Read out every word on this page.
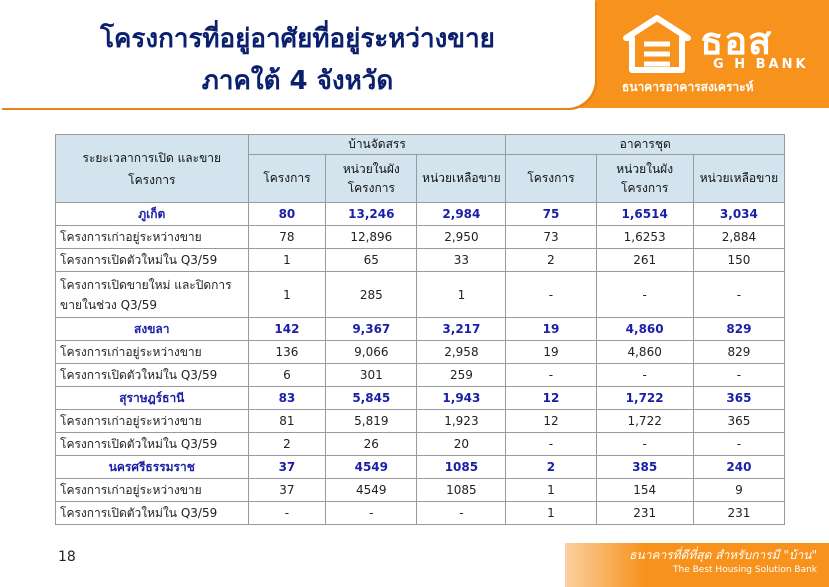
โครงการที่อยู่อาศัยที่อยู่ระหว่างขาย
ภาคใต้ 4 จังหวัด
ธอส
G H BANK
ธนาคารอาคารสงเคราะห์
ระยะเวลาการเปิด และขายโครงการ	บ้านจัดสรร			อาคารชุด		
	โครงการ	หน่วยในผัง โครงการ	หน่วยเหลือขาย	โครงการ	หน่วยในผัง โครงการ	หน่วยเหลือขาย
ภูเก็ต	80	13,246	2,984	75	1,6514	3,034
โครงการเก่าอยู่ระหว่างขาย	78	12,896	2,950	73	1,6253	2,884
โครงการเปิดตัวใหม่ใน Q3/59	1	65	33	2	261	150
โครงการเปิดขายใหม่ และปิดการขายในช่วง Q3/59	1	285	1	-	-	-
สงขลา	142	9,367	3,217	19	4,860	829
โครงการเก่าอยู่ระหว่างขาย	136	9,066	2,958	19	4,860	829
โครงการเปิดตัวใหม่ใน Q3/59	6	301	259	-	-	-
สุราษฎร์ธานี	83	5,845	1,943	12	1,722	365
โครงการเก่าอยู่ระหว่างขาย	81	5,819	1,923	12	1,722	365
โครงการเปิดตัวใหม่ใน Q3/59	2	26	20	-	-	-
นครศรีธรรมราช	37	4549	1085	2	385	240
โครงการเก่าอยู่ระหว่างขาย	37	4549	1085	1	154	9
โครงการเปิดตัวใหม่ใน Q3/59	-	-	-	1	231	231
18	ธนาคารที่ดีที่สุด สำหรับการมี "บ้าน"
The Best Housing Solution Bank
